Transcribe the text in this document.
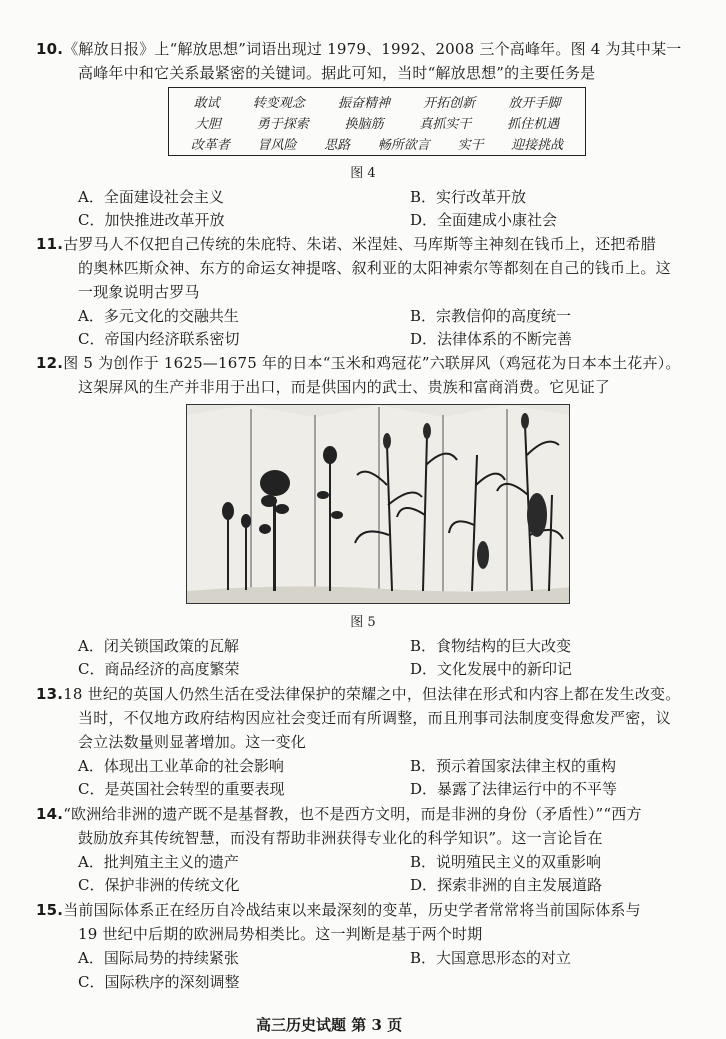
10.《解放日报》上“解放思想”词语出现过 1979、1992、2008 三个高峰年。图 4 为其中某一
高峰年中和它关系最紧密的关键词。据此可知，当时“解放思想”的主要任务是
敢试	转变观念	振奋精神	开拓创新	放开手脚
大胆	勇于探索	换脑筋	真抓实干	抓住机遇
改革者 冒风险 思路 畅所欲言 实干 迎接挑战
图 4
A．全面建设社会主义	B．实行改革开放
C．加快推进改革开放	D．全面建成小康社会
11.古罗马人不仅把自己传统的朱庇特、朱诺、米涅娃、马库斯等主神刻在钱币上，还把希腊
的奥林匹斯众神、东方的命运女神提喀、叙利亚的太阳神索尔等都刻在自己的钱币上。这
一现象说明古罗马
A．多元文化的交融共生	B．宗教信仰的高度统一
C．帝国内经济联系密切	D．法律体系的不断完善
12.图 5 为创作于 1625—1675 年的日本“玉米和鸡冠花”六联屏风（鸡冠花为日本本土花卉）。
这架屏风的生产并非用于出口，而是供国内的武士、贵族和富商消费。它见证了
图 5
A．闭关锁国政策的瓦解	B．食物结构的巨大改变
C．商品经济的高度繁荣	D．文化发展中的新印记
13.18 世纪的英国人仍然生活在受法律保护的荣耀之中，但法律在形式和内容上都在发生改变。
当时，不仅地方政府结构因应社会变迁而有所调整，而且刑事司法制度变得愈发严密，议
会立法数量则显著增加。这一变化
A．体现出工业革命的社会影响	B．预示着国家法律主权的重构
C．是英国社会转型的重要表现	D．暴露了法律运行中的不平等
14.“欧洲给非洲的遗产既不是基督教，也不是西方文明，而是非洲的身份（矛盾性）”“西方
鼓励放弃其传统智慧，而没有帮助非洲获得专业化的科学知识”。这一言论旨在
A．批判殖主主义的遗产	B．说明殖民主义的双重影响
C．保护非洲的传统文化	D．探索非洲的自主发展道路
15.当前国际体系正在经历自冷战结束以来最深刻的变革，历史学者常常将当前国际体系与
19 世纪中后期的欧洲局势相类比。这一判断是基于两个时期
A．国际局势的持续紧张	B．大国意思形态的对立
C．国际秩序的深刻调整
高三历史试题 第 3 页
